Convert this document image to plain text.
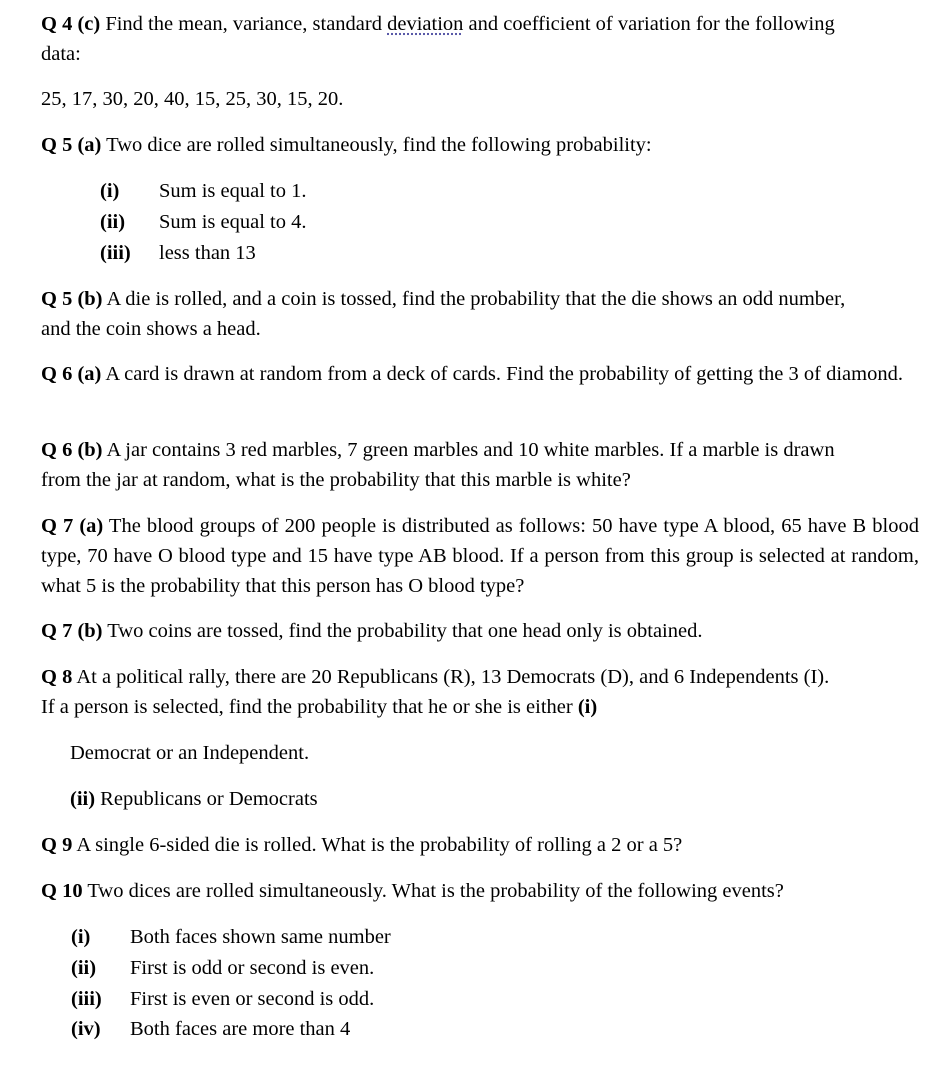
Q 4 (c) Find the mean, variance, standard deviation and coefficient of variation for the following data:

25, 17, 30, 20, 40, 15, 25, 30, 15, 20.

Q 5 (a) Two dice are rolled simultaneously, find the following probability:

(i) Sum is equal to 1.
(ii) Sum is equal to 4.
(iii) less than 13

Q 5 (b) A die is rolled, and a coin is tossed, find the probability that the die shows an odd number, and the coin shows a head.

Q 6 (a) A card is drawn at random from a deck of cards. Find the probability of getting the 3 of diamond.

Q 6 (b) A jar contains 3 red marbles, 7 green marbles and 10 white marbles. If a marble is drawn from the jar at random, what is the probability that this marble is white?

Q 7 (a) The blood groups of 200 people is distributed as follows: 50 have type A blood, 65 have B blood type, 70 have O blood type and 15 have type AB blood. If a person from this group is selected at random, what 5 is the probability that this person has O blood type?

Q 7 (b) Two coins are tossed, find the probability that one head only is obtained.

Q 8 At a political rally, there are 20 Republicans (R), 13 Democrats (D), and 6 Independents (I). If a person is selected, find the probability that he or she is either (i)

Democrat or an Independent.

(ii) Republicans or Democrats

Q 9 A single 6-sided die is rolled. What is the probability of rolling a 2 or a 5?

Q 10 Two dices are rolled simultaneously. What is the probability of the following events?

(i) Both faces shown same number
(ii) First is odd or second is even.
(iii) First is even or second is odd.
(iv) Both faces are more than 4
